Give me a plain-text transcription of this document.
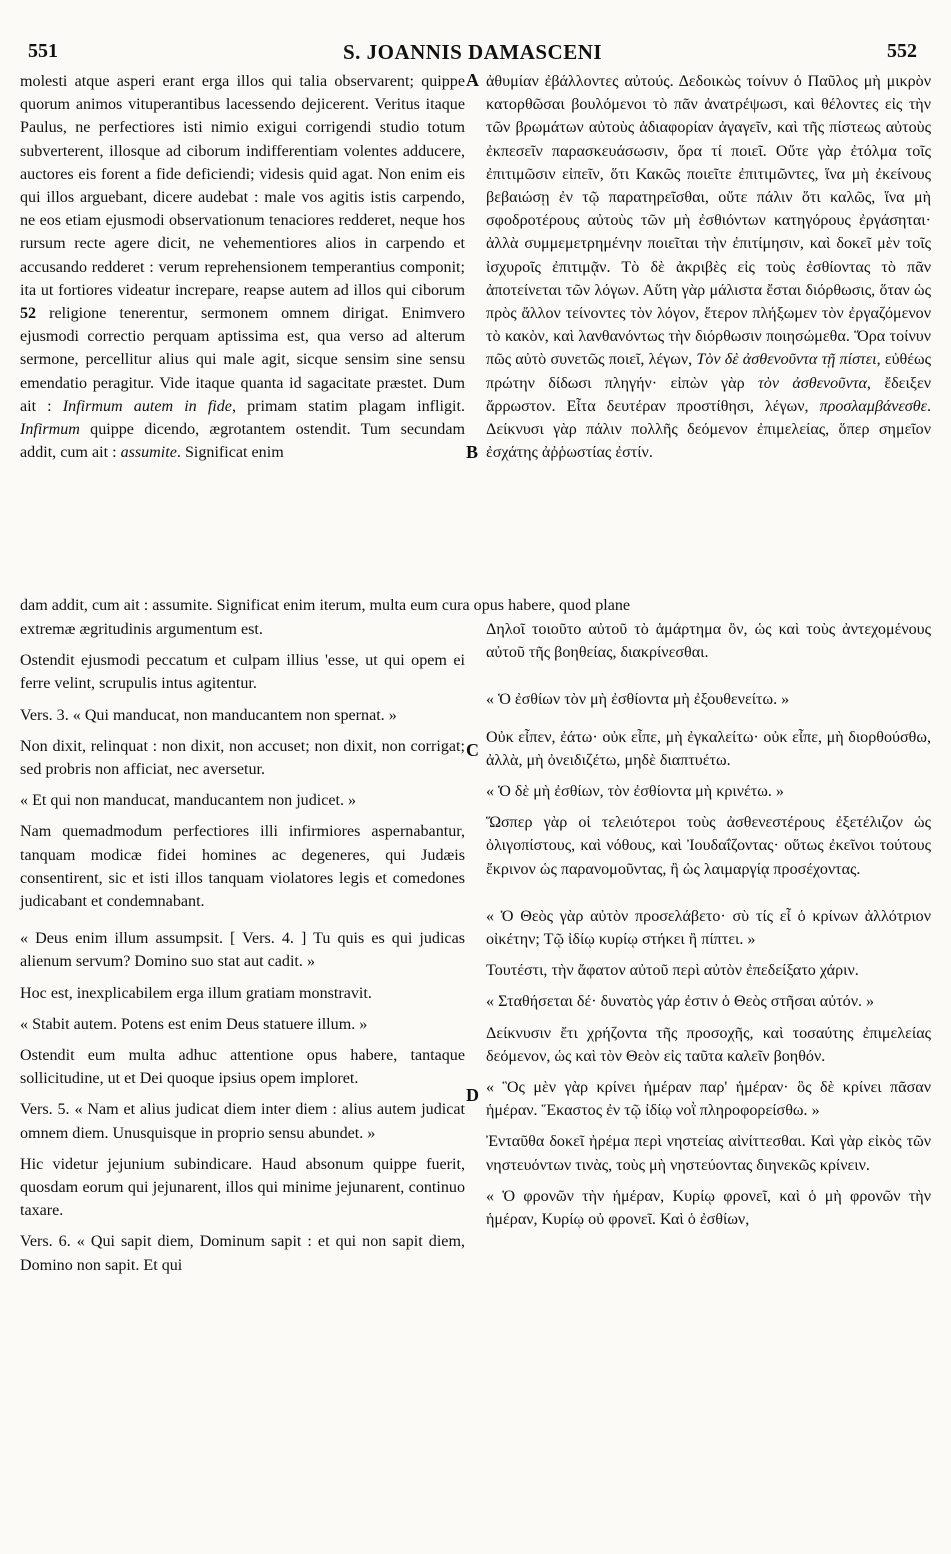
551	S. JOANNIS DAMASCENI	552
A
B
C
D

molesti atque asperi erant erga illos qui talia observarent; quippe quorum animos vituperantibus lacessendo dejicerent. Veritus itaque Paulus, ne perfectiores isti nimio exigui corrigendi studio totum subverterent, illosque ad ciborum indifferentiam volentes adducere, auctores eis forent a fide deficiendi; videsis quid agat. Non enim eis qui illos arguebant, dicere audebat : male vos agitis istis carpendo, ne eos etiam ejusmodi observationum tenaciores redderet, neque hos rursum recte agere dicit, ne vehementiores alios in carpendo et accusando redderet : verum reprehensionem temperantius componit; ita ut fortiores videatur increpare, reapse autem ad illos qui ciborum 52 religione tenerentur, sermonem omnem dirigat. Enimvero ejusmodi correctio perquam aptissima est, qua verso ad alterum sermone, percellitur alius qui male agit, sicque sensim sine sensu emendatio peragitur. Vide itaque quanta id sagacitate præstet. Dum ait : Infirmum autem in fide, primam statim plagam infligit. Infirmum quippe dicendo, ægrotantem ostendit. Tum secundam addit, cum ait : assumite. Significat enim

ἀθυμίαν ἐβάλλοντες αὐτούς. Δεδοικὼς τοίνυν ὁ Παῦλος μὴ μικρὸν κατορθῶσαι βουλόμενοι τὸ πᾶν ἀνατρέψωσι, καὶ θέλοντες εἰς τὴν τῶν βρωμάτων αὐτοὺς ἀδιαφορίαν ἀγαγεῖν, καὶ τῆς πίστεως αὐτοὺς ἐκπεσεῖν παρασκευάσωσιν, ὅρα τί ποιεῖ. Οὔτε γὰρ ἐτόλμα τοῖς ἐπιτιμῶσιν εἰπεῖν, ὅτι Κακῶς ποιεῖτε ἐπιτιμῶντες, ἵνα μὴ ἐκείνους βεβαιώσῃ ἐν τῷ παρατηρεῖσθαι, οὔτε πάλιν ὅτι καλῶς, ἵνα μὴ σφοδροτέρους αὐτοὺς τῶν μὴ ἐσθιόντων κατηγόρους ἐργάσηται· ἀλλὰ συμμεμετρημένην ποιεῖται τὴν ἐπιτίμησιν, καὶ δοκεῖ μὲν τοῖς ἰσχυροῖς ἐπιτιμᾷν. Τὸ δὲ ἀκριβὲς εἰς τοὺς ἐσθίοντας τὸ πᾶν ἀποτείνεται τῶν λόγων. Αὕτη γὰρ μάλιστα ἔσται διόρθωσις, ὅταν ὡς πρὸς ἄλλον τείνοντες τὸν λόγον, ἕτερον πλήξωμεν τὸν ἐργαζόμενον τὸ κακὸν, καὶ λανθανόντως τὴν διόρθωσιν ποιησώμεθα. Ὅρα τοίνυν πῶς αὐτὸ συνετῶς ποιεῖ, λέγων, Τὸν δὲ ἀσθενοῦντα τῇ πίστει, εὐθέως πρώτην δίδωσι πληγήν· εἰπὼν γὰρ τὸν ἀσθενοῦντα, ἔδειξεν ἄρρωστον. Εἶτα δευτέραν προστίθησι, λέγων, προσλαμβάνεσθε. Δείκνυσι γὰρ πάλιν πολλῆς δεόμενον ἐπιμελείας, ὅπερ σημεῖον ἐσχάτης ἀῤῥωστίας ἐστίν.

dam addit, cum ait : assumite. Significat enim iterum, multa eum cura opus habere, quod plane

extremæ ægritudinis argumentum est.

Ostendit ejusmodi peccatum et culpam illius 'esse, ut qui opem ei ferre velint, scrupulis intus agitentur.

Vers. 3. « Qui manducat, non manducantem non spernat. »

Non dixit, relinquat : non dixit, non accuset; non dixit, non corrigat; sed probris non afficiat, nec aversetur.

« Et qui non manducat, manducantem non judicet. »

Nam quemadmodum perfectiores illi infirmiores aspernabantur, tanquam modicæ fidei homines ac degeneres, qui Judæis consentirent, sic et isti illos tanquam violatores legis et comedones judicabant et condemnabant.

« Deus enim illum assumpsit. [ Vers. 4. ] Tu quis es qui judicas alienum servum? Domino suo stat aut cadit. »

Hoc est, inexplicabilem erga illum gratiam monstravit.

« Stabit autem. Potens est enim Deus statuere illum. »

Ostendit eum multa adhuc attentione opus habere, tantaque sollicitudine, ut et Dei quoque ipsius opem imploret.

Vers. 5. « Nam et alius judicat diem inter diem : alius autem judicat omnem diem. Unusquisque in proprio sensu abundet. »

Hic videtur jejunium subindicare. Haud absonum quippe fuerit, quosdam eorum qui jejunarent, illos qui minime jejunarent, continuo taxare.

Vers. 6. « Qui sapit diem, Dominum sapit : et qui non sapit diem, Domino non sapit. Et qui

Δηλοῖ τοιοῦτο αὐτοῦ τὸ ἁμάρτημα ὂν, ὡς καὶ τοὺς ἀντεχομένους αὐτοῦ τῆς βοηθείας, διακρίνεσθαι.

« Ὁ ἐσθίων τὸν μὴ ἐσθίοντα μὴ ἐξουθενείτω. »

Οὐκ εἶπεν, ἐάτω· οὐκ εἶπε, μὴ ἐγκαλείτω· οὐκ εἶπε, μὴ διορθούσθω, ἀλλὰ, μὴ ὀνειδιζέτω, μηδὲ διαπτυέτω.

« Ὁ δὲ μὴ ἐσθίων, τὸν ἐσθίοντα μὴ κρινέτω. »

Ὥσπερ γὰρ οἱ τελειότεροι τοὺς ἀσθενεστέρους ἐξετέλιζον ὡς ὀλιγοπίστους, καὶ νόθους, καὶ Ἰουδαΐζοντας· οὕτως ἐκεῖνοι τούτους ἔκρινον ὡς παρανομοῦντας, ἢ ὡς λαιμαργίᾳ προσέχοντας.

« Ὁ Θεὸς γὰρ αὐτὸν προσελάβετο· σὺ τίς εἶ ὁ κρίνων ἀλλότριον οἰκέτην; Τῷ ἰδίῳ κυρίῳ στήκει ἢ πίπτει. »

Τουτέστι, τὴν ἄφατον αὐτοῦ περὶ αὐτὸν ἐπεδείξατο χάριν.

« Σταθήσεται δέ· δυνατὸς γάρ ἐστιν ὁ Θεὸς στῆσαι αὐτόν. »

Δείκνυσιν ἔτι χρήζοντα τῆς προσοχῆς, καὶ τοσαύτης ἐπιμελείας δεόμενον, ὡς καὶ τὸν Θεὸν εἰς ταῦτα καλεῖν βοηθόν.

« Ὃς μὲν γὰρ κρίνει ἡμέραν παρ' ἡμέραν· ὃς δὲ κρίνει πᾶσαν ἡμέραν. Ἕκαστος ἐν τῷ ἰδίῳ νοῒ πληροφορείσθω. »

Ἐνταῦθα δοκεῖ ἠρέμα περὶ νηστείας αἰνίττεσθαι. Καὶ γὰρ εἰκὸς τῶν νηστευόντων τινὰς, τοὺς μὴ νηστεύοντας διηνεκῶς κρίνειν.

« Ὁ φρονῶν τὴν ἡμέραν, Κυρίῳ φρονεῖ, καὶ ὁ μὴ φρονῶν τὴν ἡμέραν, Κυρίῳ οὐ φρονεῖ. Καὶ ὁ ἐσθίων,
